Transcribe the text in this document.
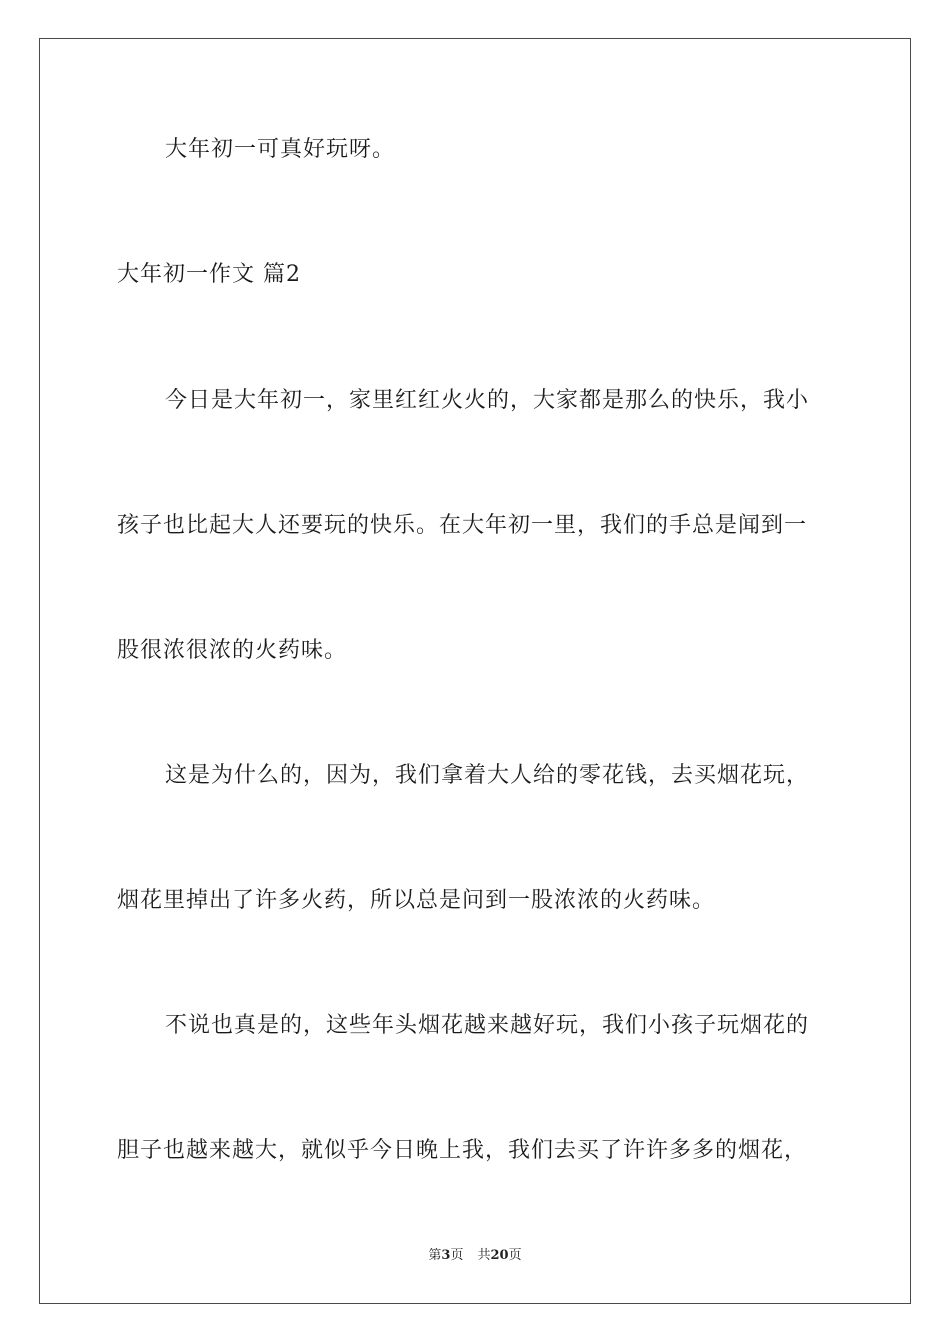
大年初一可真好玩呀。
大年初一作文 篇2
今日是大年初一，家里红红火火的，大家都是那么的快乐，我小
孩子也比起大人还要玩的快乐。在大年初一里，我们的手总是闻到一
股很浓很浓的火药味。
这是为什么的，因为，我们拿着大人给的零花钱，去买烟花玩，
烟花里掉出了许多火药，所以总是问到一股浓浓的火药味。
不说也真是的，这些年头烟花越来越好玩，我们小孩子玩烟花的
胆子也越来越大，就似乎今日晚上我，我们去买了许许多多的烟花，
第3页 共20页
